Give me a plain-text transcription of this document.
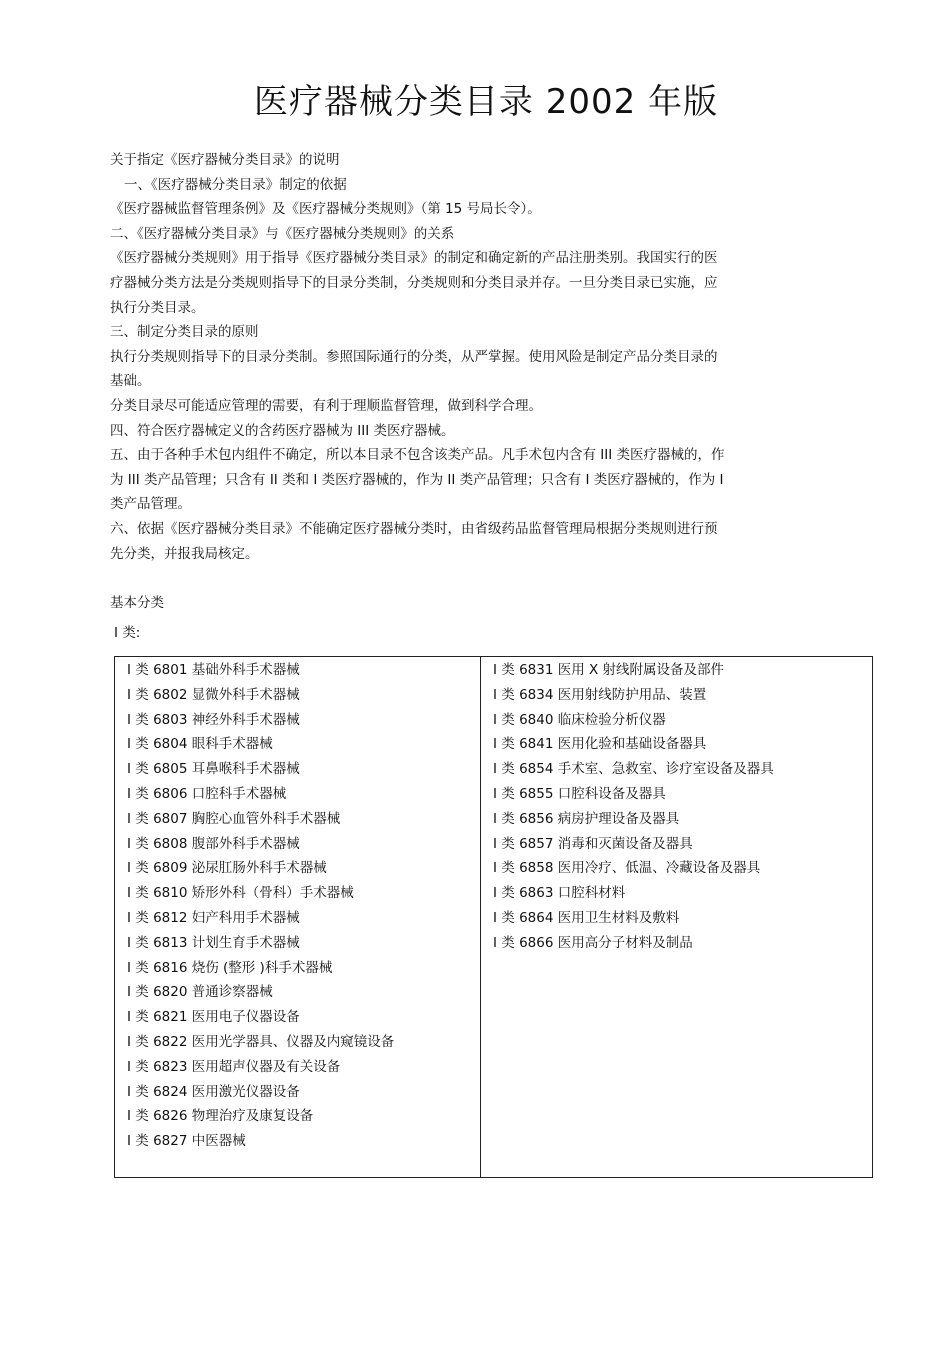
医疗器械分类目录 2002 年版

关于指定《医疗器械分类目录》的说明

一、《医疗器械分类目录》制定的依据

《医疗器械监督管理条例》及《医疗器械分类规则》（第 15 号局长令）。

二、《医疗器械分类目录》与《医疗器械分类规则》的关系

《医疗器械分类规则》用于指导《医疗器械分类目录》的制定和确定新的产品注册类别。我国实行的医

疗器械分类方法是分类规则指导下的目录分类制，分类规则和分类目录并存。一旦分类目录已实施，应

执行分类目录。

三、制定分类目录的原则

执行分类规则指导下的目录分类制。参照国际通行的分类，从严掌握。使用风险是制定产品分类目录的

基础。

分类目录尽可能适应管理的需要，有利于理顺监督管理，做到科学合理。

四、符合医疗器械定义的含药医疗器械为 III 类医疗器械。

五、由于各种手术包内组件不确定，所以本目录不包含该类产品。凡手术包内含有 III 类医疗器械的，作

为 III 类产品管理；只含有 II 类和 I 类医疗器械的，作为 II 类产品管理；只含有 I 类医疗器械的，作为 I

类产品管理。

六、依据《医疗器械分类目录》不能确定医疗器械分类时，由省级药品监督管理局根据分类规则进行预

先分类，并报我局核定。

基本分类

I 类:
I 类 6801 基础外科手术器械
I 类 6802 显微外科手术器械
I 类 6803 神经外科手术器械
I 类 6804 眼科手术器械
I 类 6805 耳鼻喉科手术器械
I 类 6806 口腔科手术器械
I 类 6807 胸腔心血管外科手术器械
I 类 6808 腹部外科手术器械
I 类 6809 泌尿肛肠外科手术器械
I 类 6810 矫形外科（骨科）手术器械
I 类 6812 妇产科用手术器械
I 类 6813 计划生育手术器械
I 类 6816 烧伤 (整形 )科手术器械
I 类 6820 普通诊察器械
I 类 6821 医用电子仪器设备
I 类 6822 医用光学器具、仪器及内窥镜设备
I 类 6823 医用超声仪器及有关设备
I 类 6824 医用激光仪器设备
I 类 6826 物理治疗及康复设备
I 类 6827 中医器械
I 类 6831 医用 X 射线附属设备及部件
I 类 6834 医用射线防护用品、装置
I 类 6840 临床检验分析仪器
I 类 6841 医用化验和基础设备器具
I 类 6854 手术室、急救室、诊疗室设备及器具
I 类 6855 口腔科设备及器具
I 类 6856 病房护理设备及器具
I 类 6857 消毒和灭菌设备及器具
I 类 6858 医用冷疗、低温、冷藏设备及器具
I 类 6863 口腔科材料
I 类 6864 医用卫生材料及敷料
I 类 6866 医用高分子材料及制品
